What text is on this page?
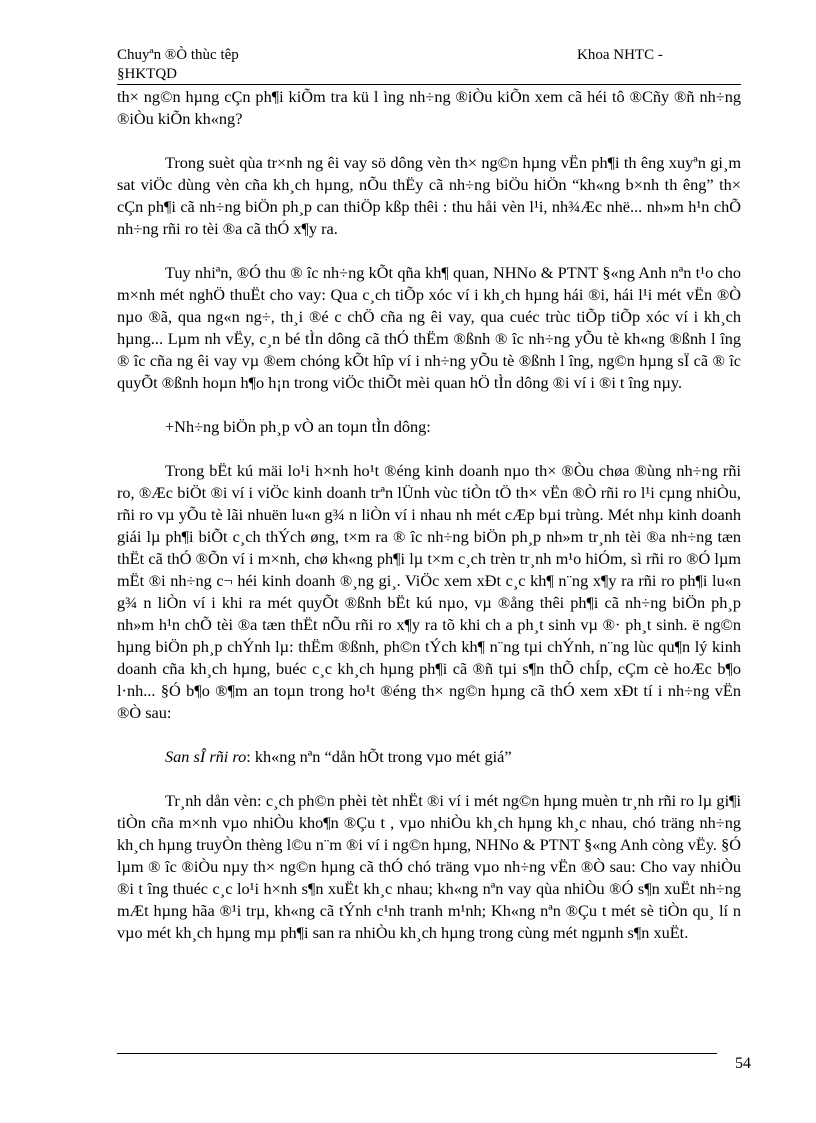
Chuyªn ®Ò thùc têp
§HKTQD
Khoa NHTC -

th× ng©n hµng cÇn ph¶i kiÕm tra kü l ìng nh÷ng ®iÒu kiÕn xem cã héi tô ®Cñy ®ñ nh÷ng ®iÒu kiÕn kh«ng?

Trong suèt qùa tr×nh ng êi vay sö dông vèn th× ng©n hµng vËn ph¶i th êng xuyªn gi¸m sat viÖc dùng vèn cña kh¸ch hµng, nÕu thËy cã nh÷ng biÖu hiÖn “kh«ng b×nh th êng” th× cÇn ph¶i cã nh÷ng biÖn ph¸p can thiÖp kßp thêi : thu håi vèn l¹i, nh¾Æc nhë... nh»m h¹n chÕ nh÷ng rñi ro tèi ®a cã thÓ x¶y ra.

Tuy nhiªn, ®Ó thu ® îc nh÷ng kÕt qña kh¶ quan, NHNo & PTNT §«ng Anh nªn t¹o cho m×nh mét nghÖ thuËt cho vay: Qua c¸ch tiÕp xóc ví i kh¸ch hµng hái ®i, hái l¹i mét vËn ®Ò nµo ®ã, qua ng«n ng÷, th¸i ®é c chÖ cña ng êi vay, qua cuéc trùc tiÕp tiÕp xóc ví i kh¸ch hµng... Lµm nh vËy, c¸n bé tÌn dông cã thÓ thËm ®ßnh ® îc nh÷ng yÕu tè kh«ng ®ßnh l îng ® îc cña ng êi vay vµ ®em chóng kÕt hîp ví i nh÷ng yÕu tè ®ßnh l îng, ng©n hµng sÏ cã ® îc quyÕt ®ßnh hoµn h¶o h¡n trong viÖc thiÕt mèi quan hÖ tÌn dông ®i ví i ®i t îng nµy.

+Nh÷ng biÖn ph¸p vÒ an toµn tÌn dông:

Trong bËt kú mäi lo¹i h×nh ho¹t ®éng kinh doanh nµo th× ®Òu chøa ®ùng nh÷ng rñi ro, ®Æc biÖt ®i ví i viÖc kinh doanh trªn lÜnh vùc tiÒn tÖ th× vËn ®Ò rñi ro l¹i cµng nhiÒu, rñi ro vµ yÕu tè lãi nhuën lu«n g¾ n liÒn ví i nhau nh mét cÆp bµi trùng. Mét nhµ kinh doanh giái lµ ph¶i biÕt c¸ch thÝch øng, t×m ra ® îc nh÷ng biÖn ph¸p nh»m tr¸nh tèi ®a nh÷ng tæn thËt cã thÓ ®Õn ví i m×nh, chø kh«ng ph¶i lµ t×m c¸ch trèn tr¸nh m¹o hiÓm, sì rñi ro ®Ó lµm mËt ®i nh÷ng c¬ héi kinh doanh ®¸ng gi¸. ViÖc xem xÐt c¸c kh¶ n¨ng x¶y ra rñi ro ph¶i lu«n g¾ n liÒn ví i khi ra mét quyÕt ®ßnh bËt kú nµo, vµ ®ång thêi ph¶i cã nh÷ng biÖn ph¸p nh»m h¹n chÕ tèi ®a tæn thËt nÕu rñi ro x¶y ra tõ khi ch a ph¸t sinh vµ ®· ph¸t sinh. ë ng©n hµng biÖn ph¸p chÝnh lµ: thËm ®ßnh, ph©n tÝch kh¶ n¨ng tµi chÝnh, n¨ng lùc qu¶n lý kinh doanh cña kh¸ch hµng, buéc c¸c kh¸ch hµng ph¶i cã ®ñ tµi s¶n thÕ chÍp, cÇm cè hoÆc b¶o l·nh... §Ó b¶o ®¶m an toµn trong ho¹t ®éng th× ng©n hµng cã thÓ xem xÐt tí i nh÷ng vËn ®Ò sau:

San sÎ rñi ro: kh«ng nªn “dån hÕt trong vµo mét giá”

Tr¸nh dån vèn: c¸ch ph©n phèi tèt nhËt ®i ví i mét ng©n hµng muèn tr¸nh rñi ro lµ gi¶i tiÒn cña m×nh vµo nhiÒu kho¶n ®Çu t , vµo nhiÒu kh¸ch hµng kh¸c nhau, chó träng nh÷ng kh¸ch hµng truyÒn thèng l©u n¨m ®i ví i ng©n hµng, NHNo & PTNT §«ng Anh còng vËy. §Ó lµm ® îc ®iÒu nµy th× ng©n hµng cã thÓ chó träng vµo nh÷ng vËn ®Ò sau: Cho vay nhiÒu ®i t îng thuéc c¸c lo¹i h×nh s¶n xuËt kh¸c nhau; kh«ng nªn vay qùa nhiÒu ®Ó s¶n xuËt nh÷ng mÆt hµng hãa ®¹i trµ, kh«ng cã tÝnh c¹nh tranh m¹nh; Kh«ng nªn ®Çu t mét sè tiÒn qu¸ lí n vµo mét kh¸ch hµng mµ ph¶i san ra nhiÒu kh¸ch hµng trong cùng mét ngµnh s¶n xuËt.

54
